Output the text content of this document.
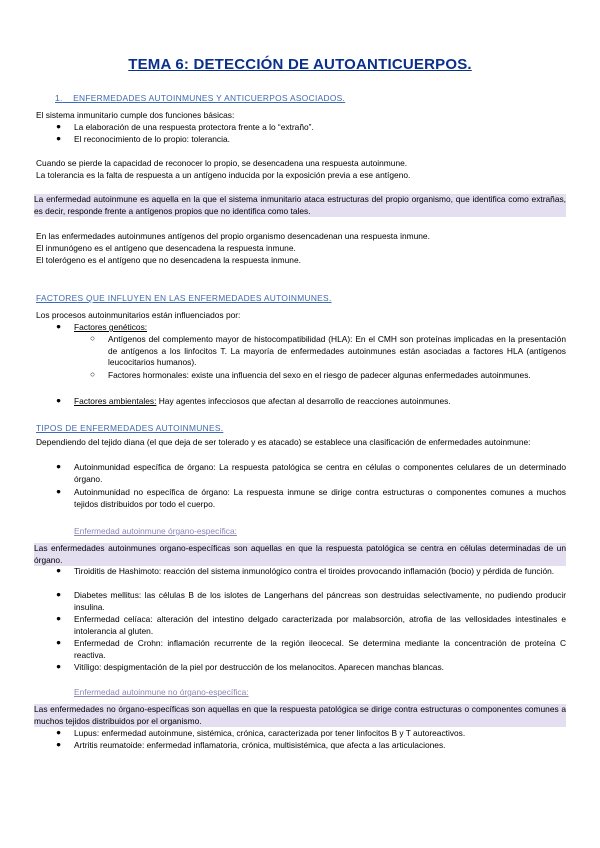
TEMA 6: DETECCIÓN DE AUTOANTICUERPOS.
1.    ENFERMEDADES AUTOINMUNES Y ANTICUERPOS ASOCIADOS.
El sistema inmunitario cumple dos funciones básicas:
● La elaboración de una respuesta protectora frente a lo “extraño”.
● El reconocimiento de lo propio: tolerancia.
Cuando se pierde la capacidad de reconocer lo propio, se desencadena una respuesta autoinmune.
La tolerancia es la falta de respuesta a un antígeno inducida por la exposición previa a ese antígeno.
La enfermedad autoinmune es aquella en la que el sistema inmunitario ataca estructuras del propio organismo, que identifica como extrañas, es decir, responde frente a antígenos propios que no identifica como tales.
En las enfermedades autoinmunes antígenos del propio organismo desencadenan una respuesta inmune.
El inmunógeno es el antígeno que desencadena la respuesta inmune.
El tolerógeno es el antígeno que no desencadena la respuesta inmune.
FACTORES QUE INFLUYEN EN LAS ENFERMEDADES AUTOINMUNES.
Los procesos autoinmunitarios están influenciados por:
● Factores genéticos:
○ Antígenos del complemento mayor de histocompatibilidad (HLA): En el CMH son proteínas implicadas en la presentación de antígenos a los linfocitos T. La mayoría de enfermedades autoinmunes están asociadas a factores HLA (antígenos leucocitarios humanos).
○ Factores hormonales: existe una influencia del sexo en el riesgo de padecer algunas enfermedades autoinmunes.
● Factores ambientales: Hay agentes infecciosos que afectan al desarrollo de reacciones autoinmunes.
TIPOS DE ENFERMEDADES AUTOINMUNES.
Dependiendo del tejido diana (el que deja de ser tolerado y es atacado) se establece una clasificación de enfermedades autoinmune:
● Autoinmunidad específica de órgano: La respuesta patológica se centra en células o componentes celulares de un determinado órgano.
● Autoinmunidad no específica de órgano: La respuesta inmune se dirige contra estructuras o componentes comunes a muchos tejidos distribuidos por todo el cuerpo.
Enfermedad autoinmune órgano-específica:
Las enfermedades autoinmunes organo-específicas son aquellas en que la respuesta patológica se centra en células determinadas de un órgano.
● Tiroiditis de Hashimoto: reacción del sistema inmunológico contra el tiroides provocando inflamación (bocio) y pérdida de función.
● Diabetes mellitus: las células B de los islotes de Langerhans del páncreas son destruidas selectivamente, no pudiendo producir insulina.
● Enfermedad celíaca: alteración del intestino delgado caracterizada por malabsorción, atrofia de las vellosidades intestinales e intolerancia al gluten.
● Enfermedad de Crohn: inflamación recurrente de la región ileocecal. Se determina mediante la concentración de proteína C reactiva.
● Vitíligo: despigmentación de la piel por destrucción de los melanocitos. Aparecen manchas blancas.
Enfermedad autoinmune no órgano-específica:
Las enfermedades no órgano-específicas son aquellas en que la respuesta patológica se dirige contra estructuras o componentes comunes a muchos tejidos distribuidos por el organismo.
● Lupus: enfermedad autoinmune, sistémica, crónica, caracterizada por tener linfocitos B y T autoreactivos.
● Artritis reumatoide: enfermedad inflamatoria, crónica, multisistémica, que afecta a las articulaciones.
